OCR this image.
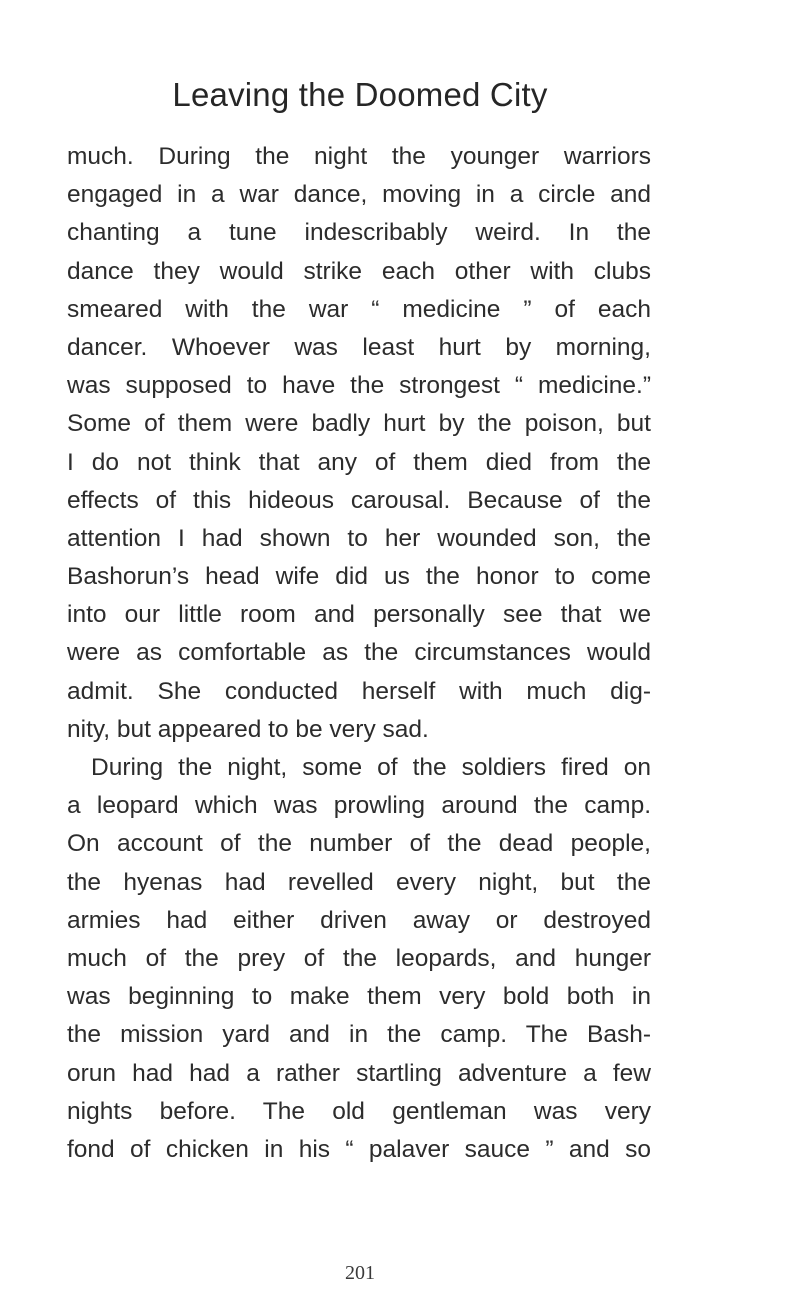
Leaving the Doomed City
much. During the night the younger warriors
engaged in a war dance, moving in a circle and
chanting a tune indescribably weird. In the
dance they would strike each other with clubs
smeared with the war “ medicine ” of each
dancer. Whoever was least hurt by morning,
was supposed to have the strongest “ medicine.”
Some of them were badly hurt by the poison, but
I do not think that any of them died from the
effects of this hideous carousal. Because of the
attention I had shown to her wounded son, the
Bashorun’s head wife did us the honor to come
into our little room and personally see that we
were as comfortable as the circumstances would
admit. She conducted herself with much dig-
nity, but appeared to be very sad.
During the night, some of the soldiers fired on
a leopard which was prowling around the camp.
On account of the number of the dead people,
the hyenas had revelled every night, but the
armies had either driven away or destroyed
much of the prey of the leopards, and hunger
was beginning to make them very bold both in
the mission yard and in the camp. The Bash-
orun had had a rather startling adventure a few
nights before. The old gentleman was very
fond of chicken in his “ palaver sauce ” and so
201
